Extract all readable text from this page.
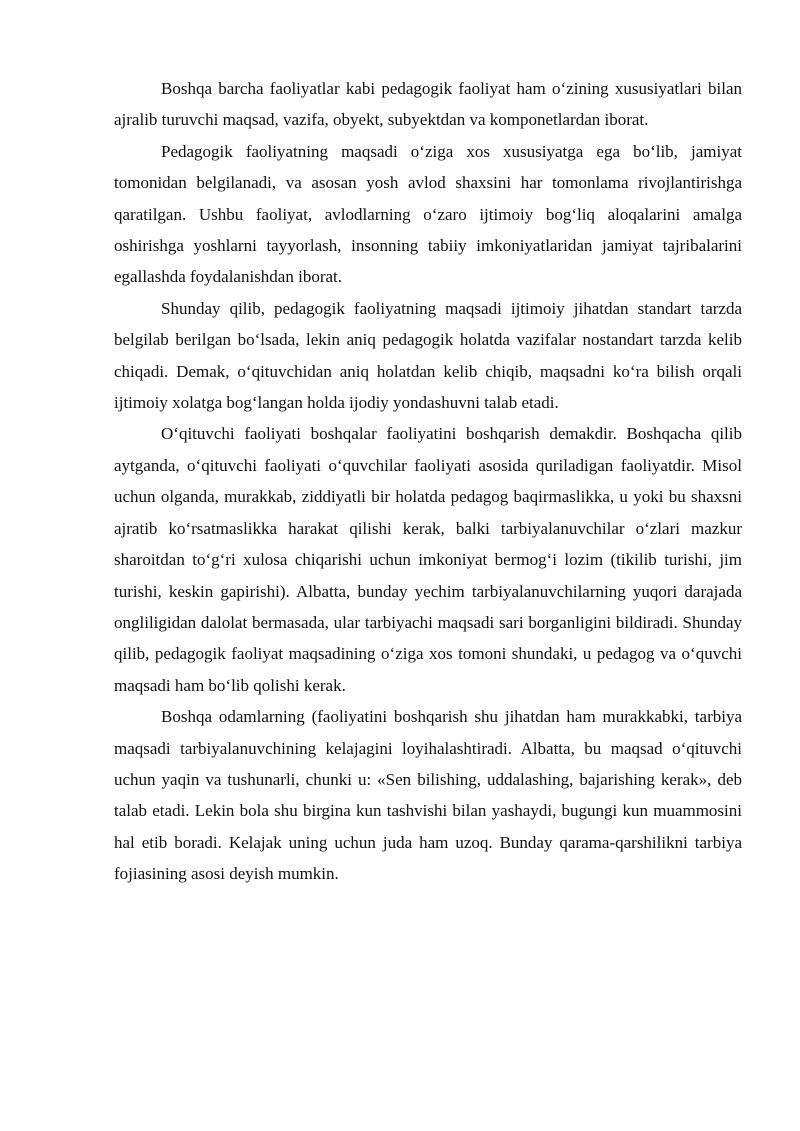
Boshqa barcha faoliyatlar kabi pedagogik faoliyat ham o‘zining xususiyatlari bilan ajralib turuvchi maqsad, vazifa, obyekt, subyektdan va komponetlardan iborat.

Pedagogik faoliyatning maqsadi o‘ziga xos xususiyatga ega bo‘lib, jamiyat tomonidan belgilanadi, va asosan yosh avlod shaxsini har tomonlama rivojlantirishga qaratilgan. Ushbu faoliyat, avlodlarning o‘zaro ijtimoiy bog‘liq aloqalarini amalga oshirishga yoshlarni tayyorlash, insonning tabiiy imkoniyatlaridan jamiyat tajribalarini egallashda foydalanishdan iborat.

Shunday qilib, pedagogik faoliyatning maqsadi ijtimoiy jihatdan standart tarzda belgilab berilgan bo‘lsada, lekin aniq pedagogik holatda vazifalar nostandart tarzda kelib chiqadi. Demak, o‘qituvchidan aniq holatdan kelib chiqib, maqsadni ko‘ra bilish orqali ijtimoiy xolatga bog‘langan holda ijodiy yondashuvni talab etadi.

O‘qituvchi faoliyati boshqalar faoliyatini boshqarish demakdir. Boshqacha qilib aytganda, o‘qituvchi faoliyati o‘quvchilar faoliyati asosida quriladigan faoliyatdir. Misol uchun olganda, murakkab, ziddiyatli bir holatda pedagog baqirmaslikka, u yoki bu shaxsni ajratib ko‘rsatmaslikka harakat qilishi kerak, balki tarbiyalanuvchilar o‘zlari mazkur sharoitdan to‘g‘ri xulosa chiqarishi uchun imkoniyat bermog‘i lozim (tikilib turishi, jim turishi, keskin gapirishi). Albatta, bunday yechim tarbiyalanuvchilarning yuqori darajada ongliligidan dalolat bermasada, ular tarbiyachi maqsadi sari borganligini bildiradi. Shunday qilib, pedagogik faoliyat maqsadining o‘ziga xos tomoni shundaki, u pedagog va o‘quvchi maqsadi ham bo‘lib qolishi kerak.

Boshqa odamlarning (faoliyatini boshqarish shu jihatdan ham murakkabki, tarbiya maqsadi tarbiyalanuvchining kelajagini loyihalashtiradi. Albatta, bu maqsad o‘qituvchi uchun yaqin va tushunarli, chunki u: «Sen bilishing, uddalashing, bajarishing kerak», deb talab etadi. Lekin bola shu birgina kun tashvishi bilan yashaydi, bugungi kun muammosini hal etib boradi. Kelajak uning uchun juda ham uzoq. Bunday qarama-qarshilikni tarbiya fojiasining asosi deyish mumkin.
